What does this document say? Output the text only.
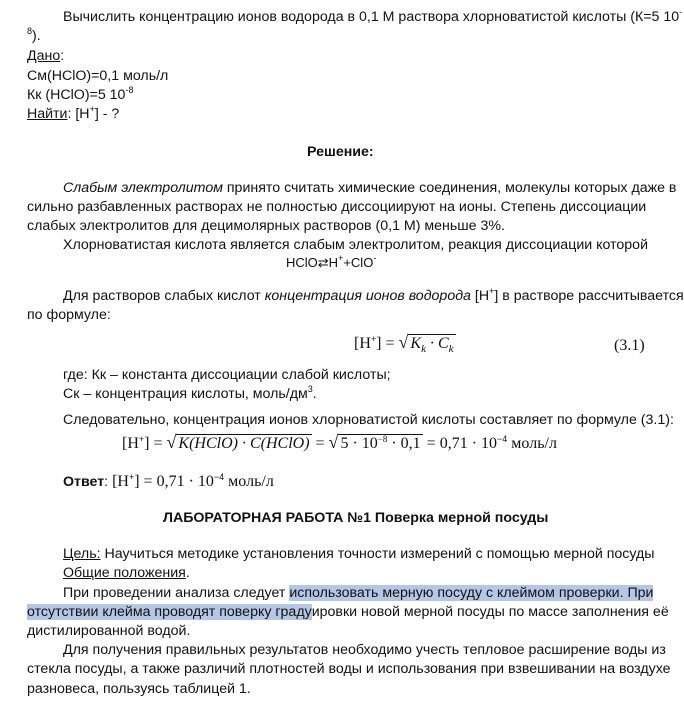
Вычислить концентрацию ионов водорода в 0,1 М раствора хлорноватистой кислоты (К=5 10-
$^8$).
Дано:
См(HClO)=0,1 моль/л
Кк (HClO)=5 $10^{-8}$
Найти: [H+] - ?
Решение:
Слабым электролитом принято считать химические соединения, молекулы которых даже в
сильно разбавленных растворах не полностью диссоциируют на ионы. Степень диссоциации
слабых электролитов для децимолярных растворов (0,1 М) меньше 3%.
Хлорноватистая кислота является слабым электролитом, реакция диссоциации которой
HClO⇄H++ClO-
Для растворов слабых кислот концентрация ионов водорода [H+] в растворе рассчитывается
по формуле:
[H+] = √ $K_k \cdot C_k$	(3.1)
где: Кк – константа диссоциации слабой кислоты;
Ск – концентрация кислоты, моль/$дм^3$.
Следовательно, концентрация ионов хлорноватистой кислоты составляет по формуле (3.1):
[H+] = √ K(HClO) · C(HClO) = √ $5 \cdot 10^{-8} \cdot 0,1 = 0,71 \cdot 10^{-4}$ моль/л
Ответ: $[H^+] = 0,71 \cdot 10^{-4}$ моль/л
ЛАБОРАТОРНАЯ РАБОТА №1 Поверка мерной посуды
Цель: Научиться методике установления точности измерений с помощью мерной посуды
Общие положения.
При проведении анализа следует использовать мерную посуду с клеймом проверки. При
отсутствии клейма проводят поверку градуировки новой мерной посуды по массе заполнения её
дистилированной водой.
Для получения правильных результатов необходимо учесть тепловое расширение воды из
стекла посуды, а также различий плотностей воды и использования при взвешивании на воздухе
разновеса, пользуясь таблицей 1.
